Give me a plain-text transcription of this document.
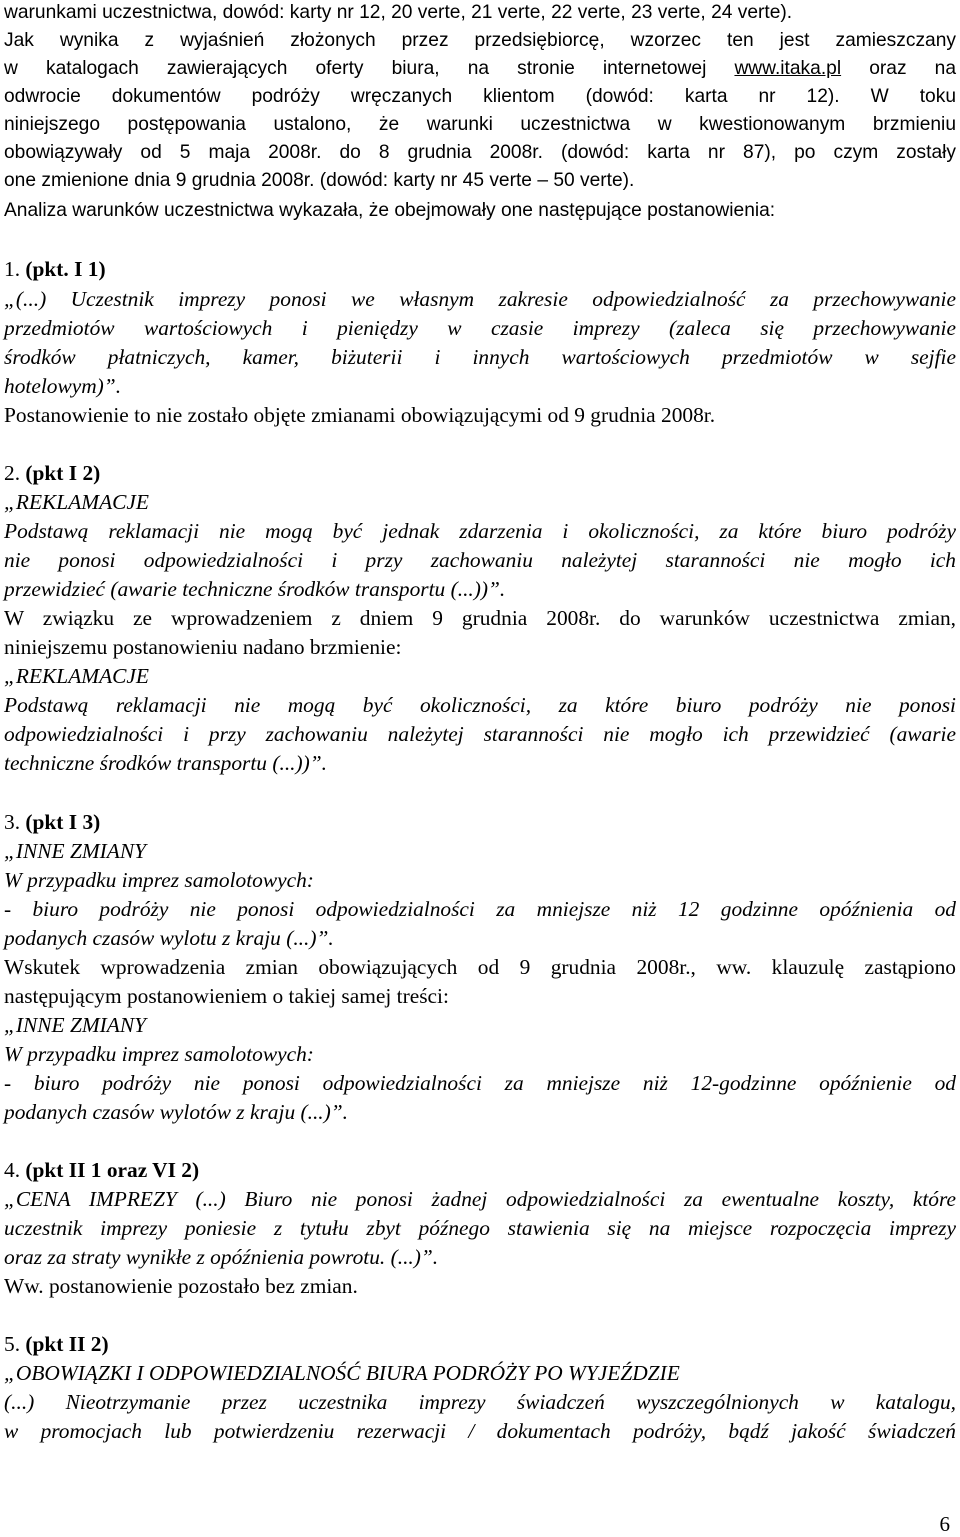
warunkami uczestnictwa, dowód: karty nr 12, 20 verte, 21 verte, 22 verte, 23 verte, 24 verte).
Jak wynika z wyjaśnień złożonych przez przedsiębiorcę, wzorzec ten jest zamieszczany
w katalogach zawierających oferty biura, na stronie internetowej www.itaka.pl oraz na
odwrocie dokumentów podróży wręczanych klientom (dowód: karta nr 12). W toku
niniejszego postępowania ustalono, że warunki uczestnictwa w kwestionowanym brzmieniu
obowiązywały od 5 maja 2008r. do 8 grudnia 2008r. (dowód: karta nr 87), po czym zostały
one zmienione dnia 9 grudnia 2008r. (dowód: karty nr 45 verte – 50 verte).
Analiza warunków uczestnictwa wykazała, że obejmowały one następujące postanowienia:
1. (pkt. I 1)
„(...) Uczestnik imprezy ponosi we własnym zakresie odpowiedzialność za przechowywanie
przedmiotów wartościowych i pieniędzy w czasie imprezy (zaleca się przechowywanie
środków płatniczych, kamer, biżuterii i innych wartościowych przedmiotów w sejfie
hotelowym)”.
Postanowienie to nie zostało objęte zmianami obowiązującymi od 9 grudnia 2008r.
2. (pkt I 2)
„REKLAMACJE
Podstawą reklamacji nie mogą być jednak zdarzenia i okoliczności, za które biuro podróży
nie ponosi odpowiedzialności i przy zachowaniu należytej staranności nie mogło ich
przewidzieć (awarie techniczne środków transportu (...))”.
W związku ze wprowadzeniem z dniem 9 grudnia 2008r. do warunków uczestnictwa zmian,
niniejszemu postanowieniu nadano brzmienie:
„REKLAMACJE
Podstawą reklamacji nie mogą być okoliczności, za które biuro podróży nie ponosi
odpowiedzialności i przy zachowaniu należytej staranności nie mogło ich przewidzieć (awarie
techniczne środków transportu (...))”.
3. (pkt I 3)
„INNE ZMIANY
W przypadku imprez samolotowych:
- biuro podróży nie ponosi odpowiedzialności za mniejsze niż 12 godzinne opóźnienia od
podanych czasów wylotu z kraju (...)”.
Wskutek wprowadzenia zmian obowiązujących od 9 grudnia 2008r., ww. klauzulę zastąpiono
następującym postanowieniem o takiej samej treści:
„INNE ZMIANY
W przypadku imprez samolotowych:
- biuro podróży nie ponosi odpowiedzialności za mniejsze niż 12-godzinne opóźnienie od
podanych czasów wylotów z kraju (...)”.
4. (pkt II 1 oraz VI 2)
„CENA IMPREZY (...) Biuro nie ponosi żadnej odpowiedzialności za ewentualne koszty, które
uczestnik imprezy poniesie z tytułu zbyt późnego stawienia się na miejsce rozpoczęcia imprezy
oraz za straty wynikłe z opóźnienia powrotu. (...)”.
Ww. postanowienie pozostało bez zmian.
5. (pkt II 2)
„OBOWIĄZKI I ODPOWIEDZIALNOŚĆ BIURA PODRÓŻY PO WYJEŹDZIE
(...) Nieotrzymanie przez uczestnika imprezy świadczeń wyszczególnionych w katalogu,
w promocjach lub potwierdzeniu rezerwacji / dokumentach podróży, bądź jakość świadczeń
6
